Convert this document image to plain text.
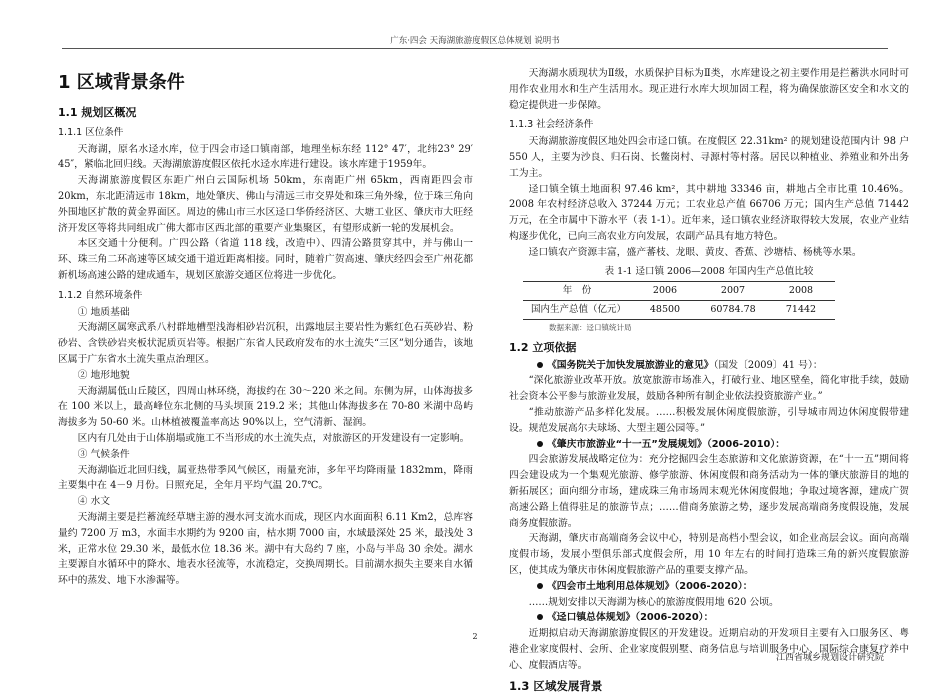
广东·四会 天海湖旅游度假区总体规划 说明书
1 区域背景条件
1.1 规划区概况
1.1.1 区位条件

天海湖，原名水迳水库，位于四会市迳口镇南部，地理坐标东经 112° 47′，北纬23° 29′ 45″，紧临北回归线。天海湖旅游度假区依托水迳水库进行建设。该水库建于1959年。

天海湖旅游度假区东距广州白云国际机场 50km，东南距广州 65km，西南距四会市20km，东北距清远市 18km，地处肇庆、佛山与清远三市交界处和珠三角外缘，位于珠三角向外围地区扩散的黄金界面区。周边的佛山市三水区迳口华侨经济区、大塘工业区、肇庆市大旺经济开发区等将共同组成广佛大都市区西北部的重要产业集聚区，有望形成新一轮的发展机会。

本区交通十分便利。广四公路（省道 118 线，改造中）、四清公路贯穿其中，并与佛山一环、珠三角二环高速等区域交通干道近距离相接。同时，随着广贺高速、肇庆经四会至广州花都新机场高速公路的建成通车，规划区旅游交通区位将进一步优化。

1.1.2 自然环境条件
① 地质基础

天海湖区属寒武系八村群地槽型浅海相砂岩沉积，出露地层主要岩性为紫红色石英砂岩、粉砂岩、含铁砂岩夹板状泥质页岩等。根据广东省人民政府发布的水土流失“三区”划分通告，该地区属于广东省水土流失重点治理区。

② 地形地貌

天海湖属低山丘陵区，四周山林环绕，海拔约在 30～220 米之间。东侧为屏，山体海拔多在 100 米以上，最高峰位东北侧的马头坝顶 219.2 米；其他山体海拔多在 70-80 米湖中岛屿海拔多为 50-60 米。山林植被覆盖率高达 90%以上，空气清新、湿润。

区内有几处由于山体崩塌或施工不当形成的水土流失点，对旅游区的开发建设有一定影响。

③ 气候条件

天海湖临近北回归线，属亚热带季风气候区，雨量充沛，多年平均降雨量 1832mm，降雨主要集中在 4－9 月份。日照充足，全年月平均气温 20.7℃。

④ 水文

天海湖主要是拦蓄流经草塘主游的漫水河支流水而成，现区内水面面积 6.11 Km2，总库容量约 7200 万 m3，水面丰水期约为 9200 亩，枯水期 7000 亩，水域最深处 25 米，最浅处 3 米，正常水位 29.30 米，最低水位 18.36 米。湖中有大岛约 7 座，小岛与半岛 30 余处。湖水主要源自水循环中的降水、地表水径流等，水流稳定，交换周期长。目前湖水损失主要来自水循环中的蒸发、地下水渗漏等。

天海湖水质现状为Ⅱ级，水质保护目标为Ⅱ类，水库建设之初主要作用是拦蓄洪水同时可用作农业用水和生产生活用水。现正进行水库大坝加固工程，将为确保旅游区安全和水文的稳定提供进一步保障。

1.1.3 社会经济条件

天海湖旅游度假区地处四会市迳口镇。在度假区 22.31km² 的规划建设范围内计 98 户 550 人，主要为沙良、归石岗、长鳖岗村、寻源村等村落。居民以种植业、养殖业和外出务工为主。

迳口镇全镇土地面积 97.46 km²，其中耕地 33346 亩，耕地占全市比重 10.46%。2008 年农村经济总收入 37244 万元；工农业总产值 66706 万元；国内生产总值 71442 万元，在全市属中下游水平（表 1-1）。近年来，迳口镇农业经济取得较大发展，农业产业结构逐步优化，已向三高农业方向发展，农副产品具有地方特色。

迳口镇农产资源丰富，盛产蕃枝、龙眼、黄皮、香蕉、沙塘桔、杨桃等水果。

表 1-1 迳口镇 2006—2008 年国内生产总值比较
年　份	2006	2007	2008
国内生产总值（亿元）	48500	60784.78	71442
数据来源：迳口镇统计局
1.2 立项依据
《国务院关于加快发展旅游业的意见》（国发〔2009〕41 号）：

“深化旅游业改革开放。放宽旅游市场准入，打破行业、地区壁垒，简化审批手续，鼓励社会资本公平参与旅游业发展，鼓励各种所有制企业依法投资旅游产业。”

“推动旅游产品多样化发展。……积极发展休闲度假旅游，引导城市周边休闲度假带建设。规范发展高尔夫球场、大型主题公园等。”

《肇庆市旅游业“十一五”发展规划》（2006-2010）：

四会旅游发展战略定位为：充分挖掘四会生态旅游和文化旅游资源，在“十一五”期间将四会建设成为一个集观光旅游、修学旅游、休闲度假和商务活动为一体的肇庆旅游目的地的新拓展区；面向细分市场，建成珠三角市场周末观光休闲度假地；争取过境客源，建成广贺高速公路上值得驻足的旅游节点；……借商务旅游之势，逐步发展高端商务度假设施，发展商务度假旅游。

天海湖，肇庆市高端商务会议中心，特别是高档小型会议，如企业高层会议。面向高端度假市场，发展小型俱乐部式度假会所，用 10 年左右的时间打造珠三角的新兴度假旅游区，使其成为肇庆市休闲度假旅游产品的重要支撑产品。

《四会市土地利用总体规划》（2006-2020）：

……规划安排以天海湖为核心的旅游度假用地 620 公顷。

《迳口镇总体规划》（2006-2020）：

近期拟启动天海湖旅游度假区的开发建设。近期启动的开发项目主要有入口服务区、粤港企业家度假村、会所、企业家度假别墅、商务信息与培训服务中心、国际综合康复疗养中心、度假酒店等。

1.3 区域发展背景
2
江西省城乡规划设计研究院
